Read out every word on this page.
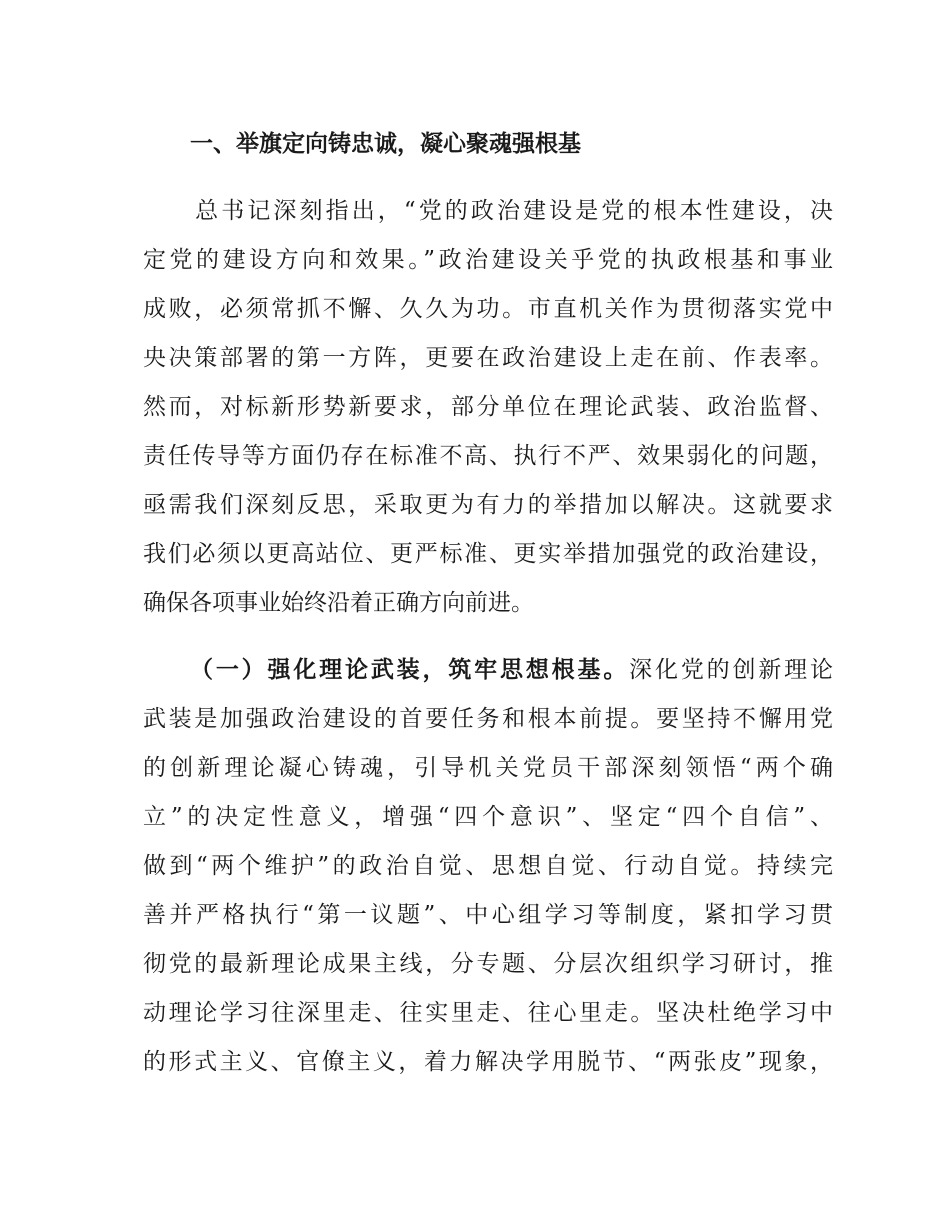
一、举旗定向铸忠诚，凝心聚魂强根基
　　总书记深刻指出，“党的政治建设是党的根本性建设，决
定党的建设方向和效果。”政治建设关乎党的执政根基和事业
成败，必须常抓不懈、久久为功。市直机关作为贯彻落实党中
央决策部署的第一方阵，更要在政治建设上走在前、作表率。
然而，对标新形势新要求，部分单位在理论武装、政治监督、
责任传导等方面仍存在标准不高、执行不严、效果弱化的问题，
亟需我们深刻反思，采取更为有力的举措加以解决。这就要求
我们必须以更高站位、更严标准、更实举措加强党的政治建设，
确保各项事业始终沿着正确方向前进。
（一）强化理论武装，筑牢思想根基。深化党的创新理论
武装是加强政治建设的首要任务和根本前提。要坚持不懈用党
的创新理论凝心铸魂，引导机关党员干部深刻领悟“两个确
立”的决定性意义，增强“四个意识”、坚定“四个自信”、
做到“两个维护”的政治自觉、思想自觉、行动自觉。持续完
善并严格执行“第一议题”、中心组学习等制度，紧扣学习贯
彻党的最新理论成果主线，分专题、分层次组织学习研讨，推
动理论学习往深里走、往实里走、往心里走。坚决杜绝学习中
的形式主义、官僚主义，着力解决学用脱节、“两张皮”现象，
